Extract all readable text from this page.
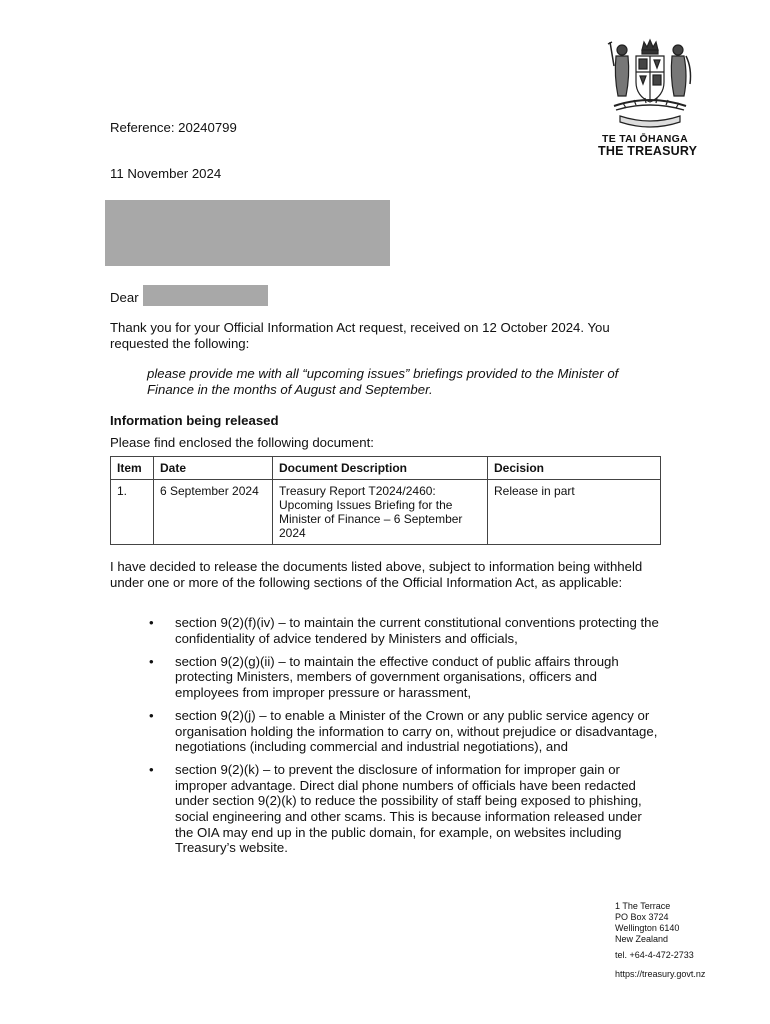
TE TAI ŌHANGA
THE TREASURY
Reference: 20240799
11 November 2024
Dear
Thank you for your Official Information Act request, received on 12 October 2024. You requested the following:
please provide me with all “upcoming issues” briefings provided to the Minister of Finance in the months of August and September.
Information being released
Please find enclosed the following document:
Item	Date	Document Description	Decision
1.	6 September 2024	Treasury Report T2024/2460: Upcoming Issues Briefing for the Minister of Finance – 6 September 2024	Release in part
I have decided to release the documents listed above, subject to information being withheld under one or more of the following sections of the Official Information Act, as applicable:
• section 9(2)(f)(iv) – to maintain the current constitutional conventions protecting the confidentiality of advice tendered by Ministers and officials,
• section 9(2)(g)(ii) – to maintain the effective conduct of public affairs through protecting Ministers, members of government organisations, officers and employees from improper pressure or harassment,
• section 9(2)(j) – to enable a Minister of the Crown or any public service agency or organisation holding the information to carry on, without prejudice or disadvantage, negotiations (including commercial and industrial negotiations), and
• section 9(2)(k) – to prevent the disclosure of information for improper gain or improper advantage. Direct dial phone numbers of officials have been redacted under section 9(2)(k) to reduce the possibility of staff being exposed to phishing, social engineering and other scams. This is because information released under the OIA may end up in the public domain, for example, on websites including Treasury’s website.
1 The Terrace
PO Box 3724
Wellington 6140
New Zealand
tel. +64-4-472-2733
https://treasury.govt.nz
